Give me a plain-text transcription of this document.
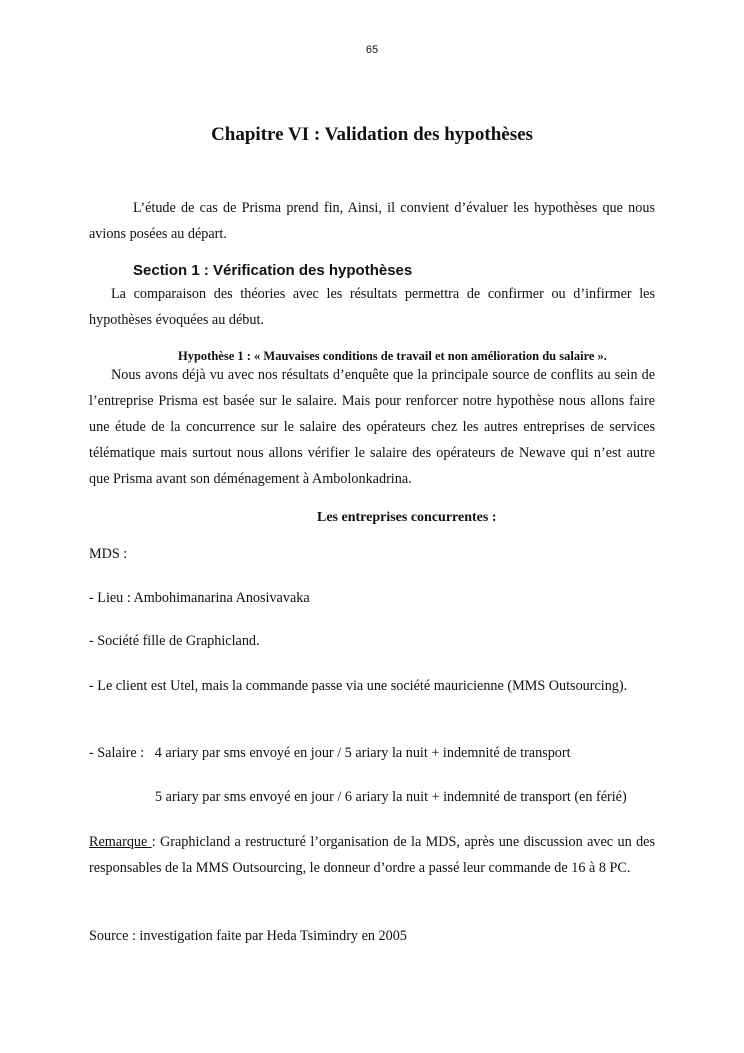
65
Chapitre VI : Validation des hypothèses

L’étude de cas de Prisma prend fin, Ainsi, il convient d’évaluer les hypothèses que nous avions posées au départ.

Section 1 : Vérification des hypothèses

La comparaison des théories avec les résultats permettra de confirmer ou d’infirmer les hypothèses évoquées au début.

Hypothèse 1 : « Mauvaises conditions de travail et non amélioration du salaire ».

Nous avons déjà vu avec nos résultats d’enquête que la principale source de conflits au sein de l’entreprise Prisma est basée sur le salaire. Mais pour renforcer notre hypothèse nous allons faire une étude de la concurrence sur le salaire des opérateurs chez les autres entreprises de services télématique mais surtout nous allons vérifier le salaire des opérateurs de Newave qui n’est autre que Prisma avant son déménagement à Ambolonkadrina.

Les entreprises concurrentes :
MDS :
- Lieu : Ambohimanarina Anosivavaka
- Société fille de Graphicland.

- Le client est Utel, mais la commande passe via une société mauricienne (MMS Outsourcing).

- Salaire :   4 ariary par sms envoyé en jour / 5 ariary la nuit + indemnité de transport
5 ariary par sms envoyé en jour / 6 ariary la nuit + indemnité de transport (en férié)

Remarque : Graphicland a restructuré l’organisation de la MDS, après une discussion avec un des responsables de la MMS Outsourcing, le donneur d’ordre a passé leur commande de 16 à 8 PC.

Source : investigation faite par Heda Tsimindry en 2005
